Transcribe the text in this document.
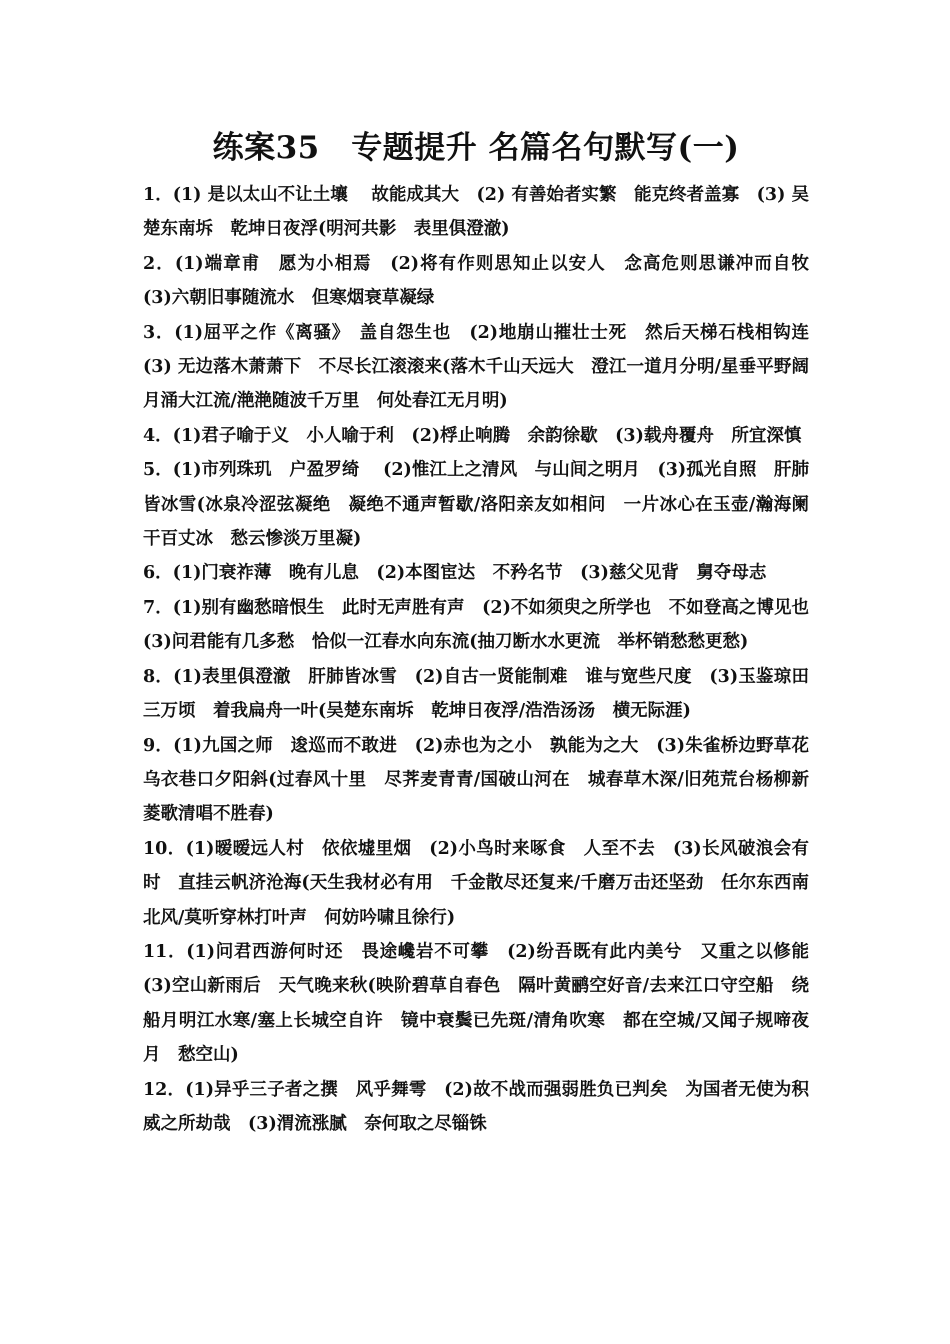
练案35　专题提升 名篇名句默写(一)

1．(1) 是以太山不让土壤　 故能成其大　(2) 有善始者实繁　能克终者盖寡　(3) 吴楚东南坼　乾坤日夜浮(明河共影　表里俱澄澈)

2．(1)端章甫　愿为小相焉　(2)将有作则思知止以安人　念高危则思谦冲而自牧　(3)六朝旧事随流水　但寒烟衰草凝绿

3．(1)屈平之作《离骚》　盖自怨生也　(2)地崩山摧壮士死　然后天梯石栈相钩连　(3) 无边落木萧萧下　不尽长江滚滚来(落木千山天远大　澄江一道月分明/星垂平野阔　月涌大江流/滟滟随波千万里　何处春江无月明)

4．(1)君子喻于义　小人喻于利　(2)桴止响腾　余韵徐歇　(3)载舟覆舟　所宜深慎

5．(1)市列珠玑　户盈罗绮　 (2)惟江上之清风　与山间之明月　(3)孤光自照　肝肺皆冰雪(冰泉冷涩弦凝绝　凝绝不通声暂歇/洛阳亲友如相问　一片冰心在玉壶/瀚海阑干百丈冰　愁云惨淡万里凝)

6．(1)门衰祚薄　晚有儿息　(2)本图宦达　不矜名节　(3)慈父见背　舅夺母志

7．(1)别有幽愁暗恨生　此时无声胜有声　(2)不如须臾之所学也　不如登高之博见也　(3)问君能有几多愁　恰似一江春水向东流(抽刀断水水更流　举杯销愁愁更愁)

8．(1)表里俱澄澈　肝肺皆冰雪　(2)自古一贤能制难　谁与宽些尺度　(3)玉鉴琼田三万顷　着我扁舟一叶(吴楚东南坼　乾坤日夜浮/浩浩汤汤　横无际涯)

9．(1)九国之师　逡巡而不敢进　(2)赤也为之小　孰能为之大　(3)朱雀桥边野草花　乌衣巷口夕阳斜(过春风十里　尽荠麦青青/国破山河在　城春草木深/旧苑荒台杨柳新　菱歌清唱不胜春)

10．(1)暧暧远人村　依依墟里烟　(2)小鸟时来啄食　人至不去　(3)长风破浪会有时　直挂云帆济沧海(天生我材必有用　千金散尽还复来/千磨万击还坚劲　任尔东西南北风/莫听穿林打叶声　何妨吟啸且徐行)

11．(1)问君西游何时还　畏途巉岩不可攀　(2)纷吾既有此内美兮　又重之以修能　(3)空山新雨后　天气晚来秋(映阶碧草自春色　隔叶黄鹂空好音/去来江口守空船　绕船月明江水寒/塞上长城空自许　镜中衰鬓已先斑/清角吹寒　都在空城/又闻子规啼夜月　愁空山)

12．(1)异乎三子者之撰　风乎舞雩　(2)故不战而强弱胜负已判矣　为国者无使为积威之所劫哉　(3)渭流涨腻　奈何取之尽锱铢
